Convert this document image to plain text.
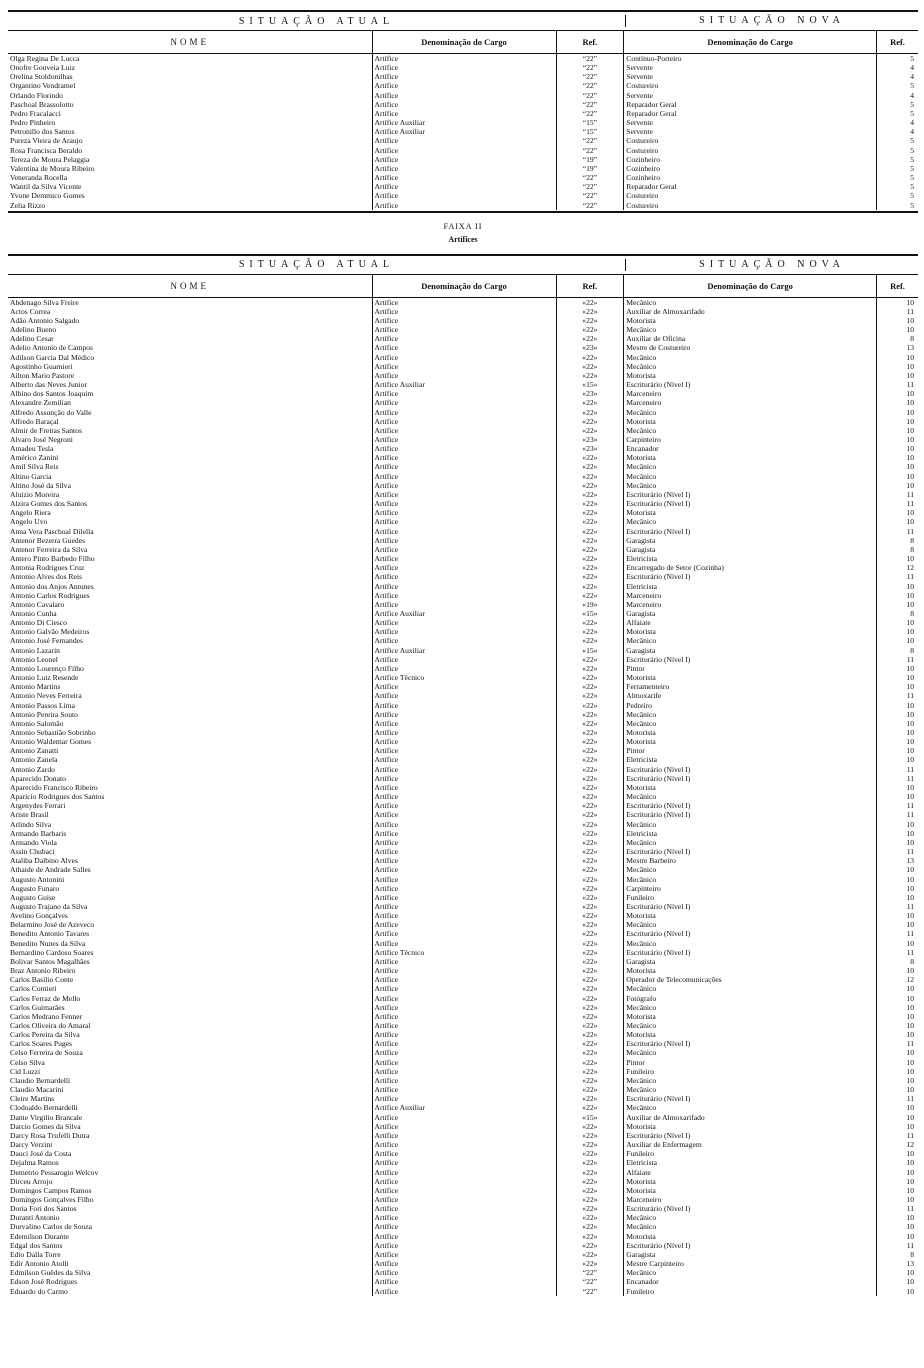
SITUAÇÃO ATUAL	SITUAÇÃO NOVA
NOME	Denominação do Cargo	Ref.	Denominação do Cargo	Ref.
Olga Regina De Lucca	Artífice	“22”	Contínuo-Porteiro	5
Onofre Gouveia Luiz	Artífice	“22”	Servente	4
Orelina Stoldonilhas	Artífice	“22”	Servente	4
Organtino Vendramel	Artífice	“22”	Costureiro	5
Orlando Florindo	Artífice	“22”	Servente	4
Paschoal Brassolotto	Artífice	“22”	Reparador Geral	5
Pedro Fracalacci	Artífice	“22”	Reparador Geral	5
Pedro Pinheiro	Artífice Auxiliar	“15”	Servente	4
Petronillo dos Santos	Artífice Auxiliar	“15”	Servente	4
Pureza Vieira de Araujo	Artífice	“22”	Costureiro	5
Rosa Francisca Beraldo	Artífice	“22”	Costureiro	5
Tereza de Moura Pelaggia	Artífice	“19”	Cozinheiro	5
Valentina de Moura Ribeiro	Artífice	“19”	Cozinheiro	5
Veneranda Rocella	Artífice	“22”	Cozinheiro	5
Wantil da Silva Vicente	Artífice	“22”	Reparador Geral	5
Yvone Demmico Gomes	Artífice	“22”	Costureiro	5
Zelia Rizzo	Artífice	“22”	Costureiro	5
FAIXA II
Artífices
SITUAÇÃO ATUAL	SITUAÇÃO NOVA
NOME	Denominação do Cargo	Ref.	Denominação do Cargo	Ref.
Abdenago Silva Freire	Artífice	«22»	Mecânico	10
Actos Correa	Artífice	«22»	Auxiliar de Almoxarifado	11
Adão Antonio Salgado	Artífice	«22»	Motorista	10
Adelino Bueno	Artífice	«22»	Mecânico	10
Adelino Cesar	Artífice	«22»	Auxiliar de Oficina	8
Adelio Antonio de Campos	Artífice	«23»	Mestre de Costureiro	13
Adilson Garcia Dal Médico	Artífice	«22»	Mecânico	10
Agostinho Guarnieri	Artífice	«22»	Mecânico	10
Ailton Mario Pastore	Artífice	«22»	Motorista	10
Alberto das Neves Junior	Artífice Auxiliar	«15»	Escriturário (Nível I)	11
Albino dos Santos Joaquim	Artífice	«23»	Marceneiro	10
Alexandre Zemilian	Artífice	«22»	Marceneiro	10
Alfredo Assunção do Valle	Artífice	«22»	Mecânico	10
Alfredo Baraçal	Artífice	«22»	Motorista	10
Almir de Freitas Santos	Artífice	«22»	Mecânico	10
Alvaro José Negroni	Artífice	«23»	Carpinteiro	10
Amadeu Tesla	Artífice	«23»	Encanador	10
Américo Zanini	Artífice	«22»	Motorista	10
Amil Silva Reis	Artífice	«22»	Mecânico	10
Altino Garcia	Artífice	«22»	Mecânico	10
Altino José da Silva	Artífice	«22»	Mecânico	10
Aluizio Moreira	Artífice	«22»	Escriturário (Nível I)	11
Alzira Gomes dos Santos	Artífice	«22»	Escriturário (Nível I)	11
Angelo Riera	Artífice	«22»	Motorista	10
Angelo Uvo	Artífice	«22»	Mecânico	10
Anna Vera Paschoal Dilella	Artífice	«22»	Escriturário (Nível I)	11
Antenor Bezerra Guedes	Artífice	«22»	Garagista	8
Antenor Ferreira da Silva	Artífice	«22»	Garagista	8
Antero Pinto Barbedo Filho	Artífice	«22»	Eletricista	10
Antonia Rodrigues Cruz	Artífice	«22»	Encarregado de Setor (Cozinha)	12
Antonio Alves dos Reis	Artífice	«22»	Escriturário (Nível I)	11
Antonio dos Anjos Antunes	Artífice	«22»	Eletricista	10
Antonio Carlos Rodrigues	Artífice	«22»	Marceneiro	10
Antonio Cavalaro	Artífice	«19»	Marceneiro	10
Antonio Cunha	Artífice Auxiliar	«15»	Garagista	8
Antonio Di Ciesco	Artífice	«22»	Alfaiate	10
Antonio Galvão Medeiros	Artífice	«22»	Motorista	10
Antonio José Fernandes	Artífice	«22»	Mecânico	10
Antonio Lazarin	Artífice Auxiliar	«15»	Garagista	8
Antonio Leonel	Artífice	«22»	Escriturário (Nível I)	11
Antonio Lourenço Filho	Artífice	«22»	Pintor	10
Antonio Luiz Resende	Artífice Técnico	«22»	Motorista	10
Antonio Martins	Artífice	«22»	Ferramenteiro	10
Antonio Neves Ferreira	Artífice	«22»	Almoxarife	11
Antonio Passos Lima	Artífice	«22»	Pedreiro	10
Antonio Pereira Souto	Artífice	«22»	Mecânico	10
Antonio Salomão	Artífice	«22»	Mecânico	10
Antonio Sebastião Sobrinho	Artífice	«22»	Motorista	10
Antonio Waldemar Gomes	Artífice	«22»	Motorista	10
Antonio Zanatti	Artífice	«22»	Pintor	10
Antonio Zanela	Artífice	«22»	Eletricista	10
Antonio Zardo	Artífice	«22»	Escriturário (Nível I)	11
Aparecido Donato	Artífice	«22»	Escriturário (Nível I)	11
Aparecido Francisco Ribeiro	Artífice	«22»	Motorista	10
Aparicio Rodrigues dos Santos	Artífice	«22»	Mecânico	10
Argenydes Ferrari	Artífice	«22»	Escriturário (Nível I)	11
Ariste Brasil	Artífice	«22»	Escriturário (Nível I)	11
Arlindo Silva	Artífice	«22»	Mecânico	10
Armando Barbaris	Artífice	«22»	Eletricista	10
Armando Viola	Artífice	«22»	Mecânico	10
Assin Chubaci	Artífice	«22»	Escriturário (Nível I)	11
Ataliba Dalbino Alves	Artífice	«22»	Mestre Barbeiro	13
Athaide de Andrade Salles	Artífice	«22»	Mecânico	10
Augusto Antonini	Artífice	«22»	Mecânico	10
Augusto Funaro	Artífice	«22»	Carpinteiro	10
Augusto Guise	Artífice	«22»	Funileiro	10
Augusto Trajano da Silva	Artífice	«22»	Escriturário (Nível I)	11
Avelino Gonçalves	Artífice	«22»	Motorista	10
Belarmino José de Azeveco	Artífice	«22»	Mecânico	10
Benedito Antonio Tavares	Artífice	«22»	Escriturário (Nível I)	11
Benedito Nunes da Silva	Artífice	«22»	Mecânico	10
Bernardino Cardoso Soares	Artífice Técnico	«22»	Escriturário (Nível I)	11
Bolivar Santos Magalhães	Artífice	«22»	Garagista	8
Braz Antonio Ribeiro	Artífice	«22»	Motorista	10
Carlos Basilio Conte	Artífice	«22»	Operador de Telecomunicações	12
Carlos Contieri	Artífice	«22»	Mecânico	10
Carlos Ferraz de Mello	Artífice	«22»	Fotógrafo	10
Carlos Guimarães	Artífice	«22»	Mecânico	10
Carlos Medrano Fenner	Artífice	«22»	Motorista	10
Carlos Oliveira do Amaral	Artífice	«22»	Mecânico	10
Carlos Pereira da Silva	Artífice	«22»	Motorista	10
Carlos Soares Puges	Artífice	«22»	Escriturário (Nível I)	11
Celso Ferreira de Souza	Artífice	«22»	Mecânico	10
Celso Silva	Artífice	«22»	Pintor	10
Cid Luzzi	Artífice	«22»	Funileiro	10
Claudio Bernardelli	Artífice	«22»	Mecânico	10
Claudio Macarini	Artífice	«22»	Mecânico	10
Cleire Martins	Artífice	«22»	Escriturário (Nível I)	11
Clodoaldo Bernardelli	Artífice Auxiliar	«22»	Mecânico	10
Dante Virgilio Brancale	Artífice	«15»	Auxiliar de Almoxarifado	10
Darcio Gomes da Silva	Artífice	«22»	Motorista	10
Darcy Rosa Trufelli Dutra	Artífice	«22»	Escriturário (Nível I)	11
Darcy Verzini	Artífice	«22»	Auxiliar de Enfermagem	12
Dauci José da Costa	Artífice	«22»	Funileiro	10
Dejalma Ramos	Artífice	«22»	Eletricista	10
Demetrio Pessarogio Welcov	Artífice	«22»	Alfaiate	10
Dirceu Arrojo	Artífice	«22»	Motorista	10
Domingos Campos Ramos	Artífice	«22»	Motorista	10
Domingos Gonçalves Filho	Artífice	«22»	Marceneiro	10
Doria Fori dos Santos	Artífice	«22»	Escriturário (Nível I)	11
Duranti Antonio	Artífice	«22»	Mecânico	10
Durvalino Carlos de Souza	Artífice	«22»	Mecânico	10
Edemilson Durante	Artífice	«22»	Motorista	10
Edgal dos Santos	Artífice	«22»	Escriturário (Nível I)	11
Edio Dalla Torre	Artífice	«22»	Garagista	8
Edir Antonio Atolli	Artífice	«22»	Mestre Carpinteiro	13
Edmilson Guêdes da Silva	Artífice	“22”	Mecânico	10
Edson José Rodrigues	Artífice	“22”	Encanador	10
Eduardo do Carmo	Artífice	“22”	Funileiro	10
